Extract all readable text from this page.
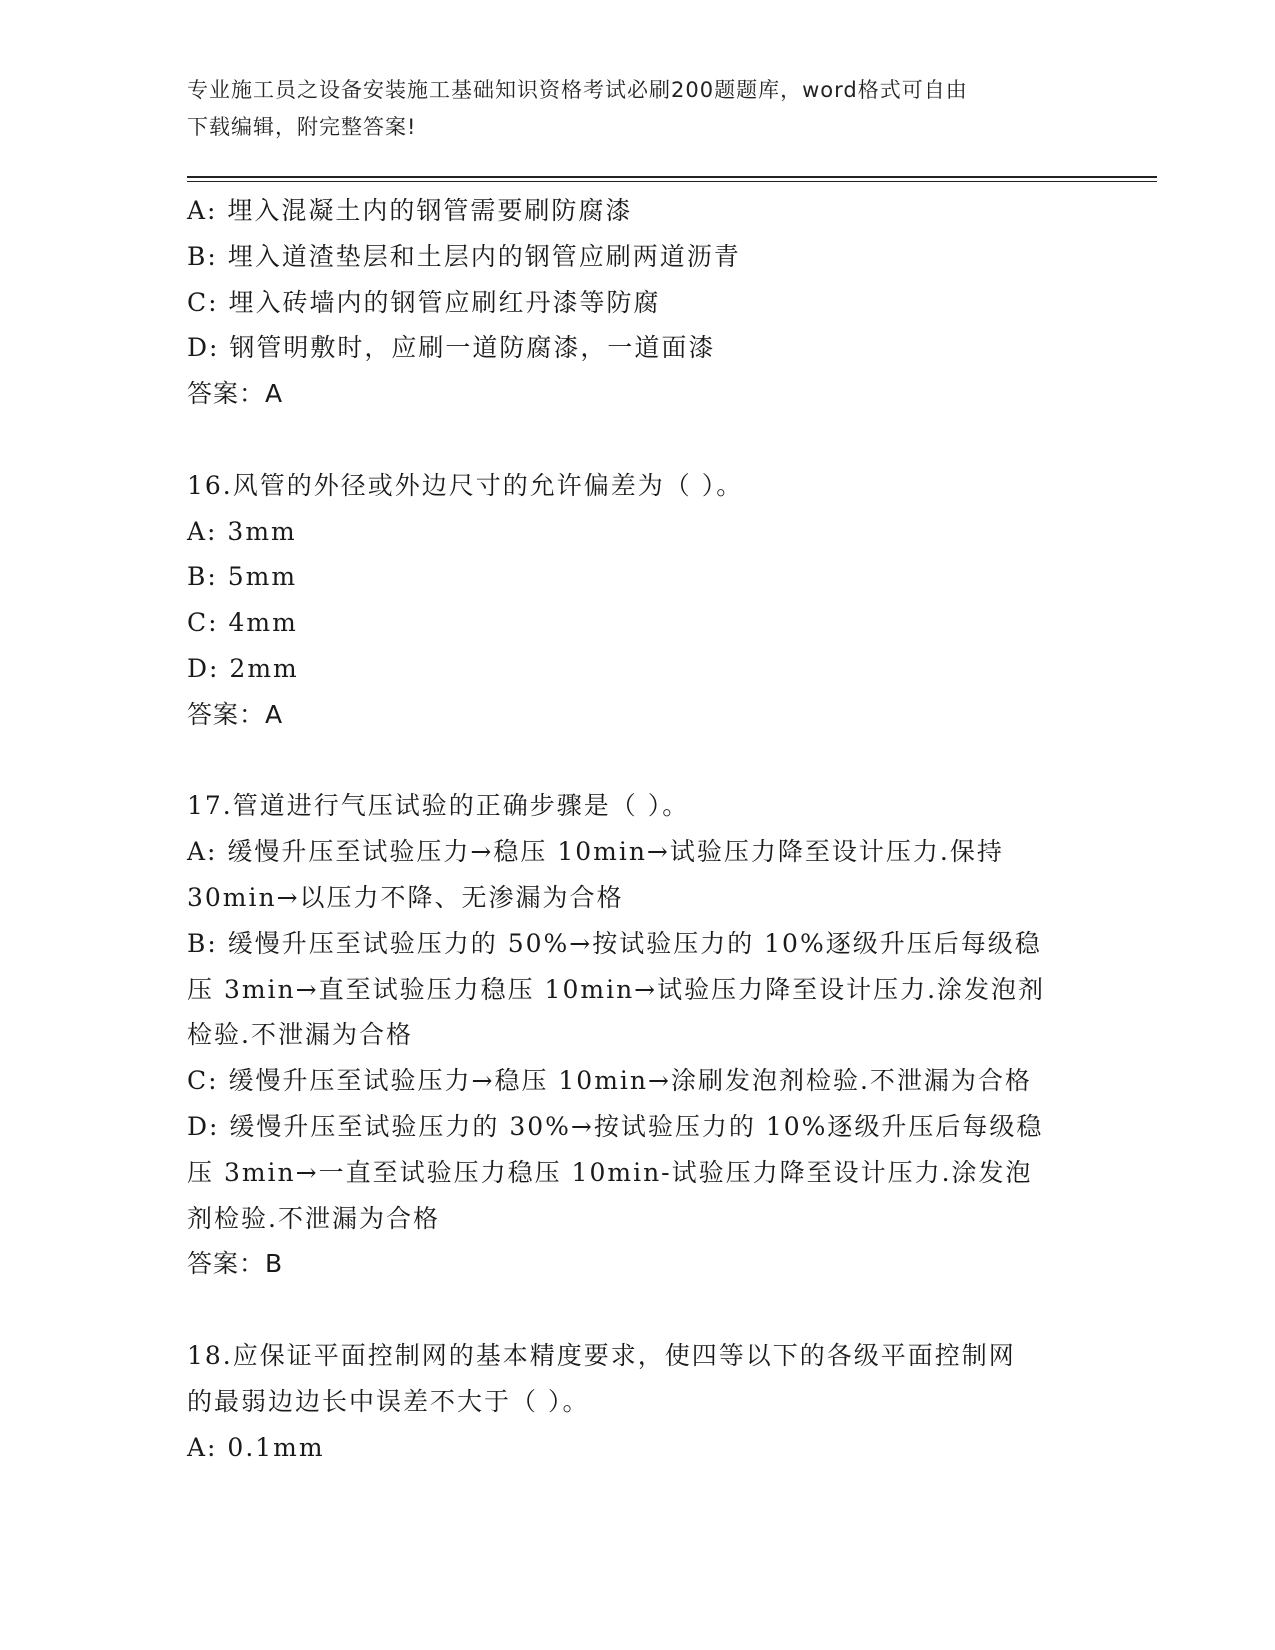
专业施工员之设备安装施工基础知识资格考试必刷200题题库，word格式可自由
下载编辑，附完整答案!
A: 埋入混凝土内的钢管需要刷防腐漆
B: 埋入道渣垫层和土层内的钢管应刷两道沥青
C: 埋入砖墙内的钢管应刷红丹漆等防腐
D: 钢管明敷时，应刷一道防腐漆，一道面漆
答案：A
16.风管的外径或外边尺寸的允许偏差为（ ）。
A: 3mm
B: 5mm
C: 4mm
D: 2mm
答案：A
17.管道进行气压试验的正确步骤是（ ）。
A: 缓慢升压至试验压力→稳压 10min→试验压力降至设计压力.保持
30min→以压力不降、无渗漏为合格
B: 缓慢升压至试验压力的 50%→按试验压力的 10%逐级升压后每级稳
压 3min→直至试验压力稳压 10min→试验压力降至设计压力.涂发泡剂
检验.不泄漏为合格
C: 缓慢升压至试验压力→稳压 10min→涂刷发泡剂检验.不泄漏为合格
D: 缓慢升压至试验压力的 30%→按试验压力的 10%逐级升压后每级稳
压 3min→一直至试验压力稳压 10min-试验压力降至设计压力.涂发泡
剂检验.不泄漏为合格
答案：B
18.应保证平面控制网的基本精度要求，使四等以下的各级平面控制网
的最弱边边长中误差不大于（ ）。
A: 0.1mm
